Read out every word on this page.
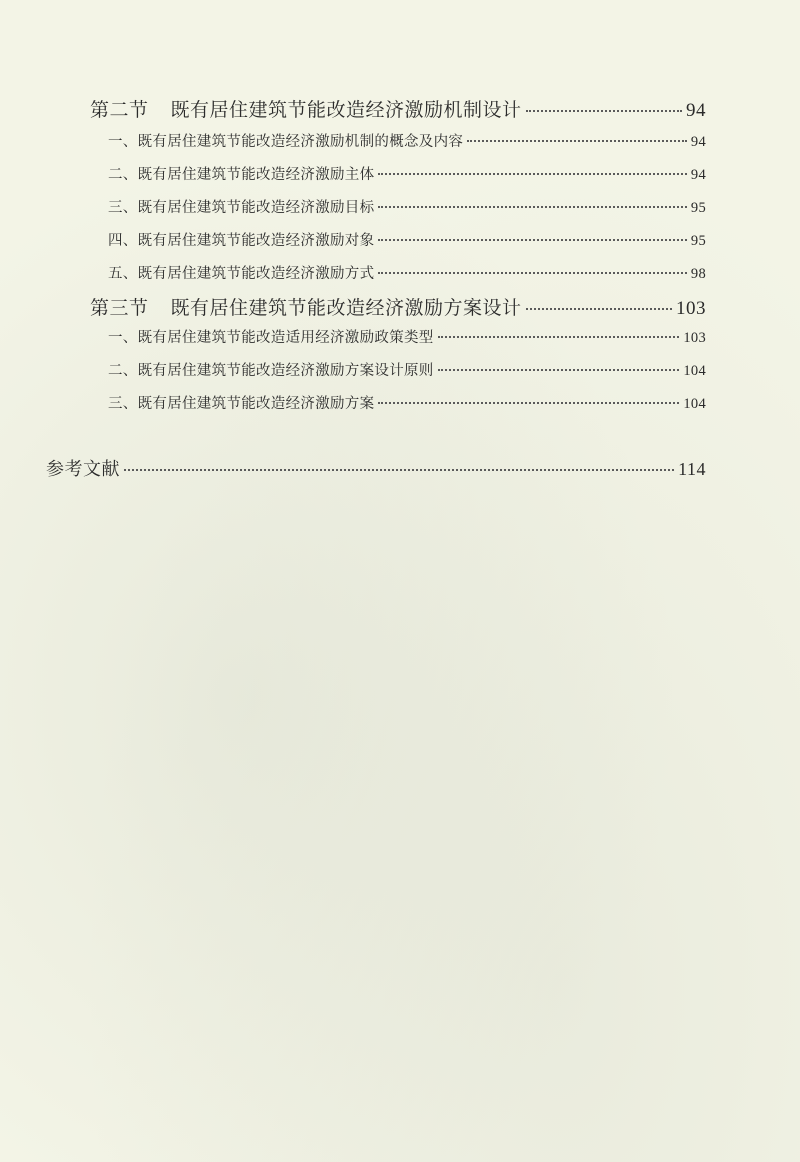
第二节 既有居住建筑节能改造经济激励机制设计	94
一、既有居住建筑节能改造经济激励机制的概念及内容	94
二、既有居住建筑节能改造经济激励主体	94
三、既有居住建筑节能改造经济激励目标	95
四、既有居住建筑节能改造经济激励对象	95
五、既有居住建筑节能改造经济激励方式	98
第三节 既有居住建筑节能改造经济激励方案设计	103
一、既有居住建筑节能改造适用经济激励政策类型	103
二、既有居住建筑节能改造经济激励方案设计原则	104
三、既有居住建筑节能改造经济激励方案	104
参考文献	114
